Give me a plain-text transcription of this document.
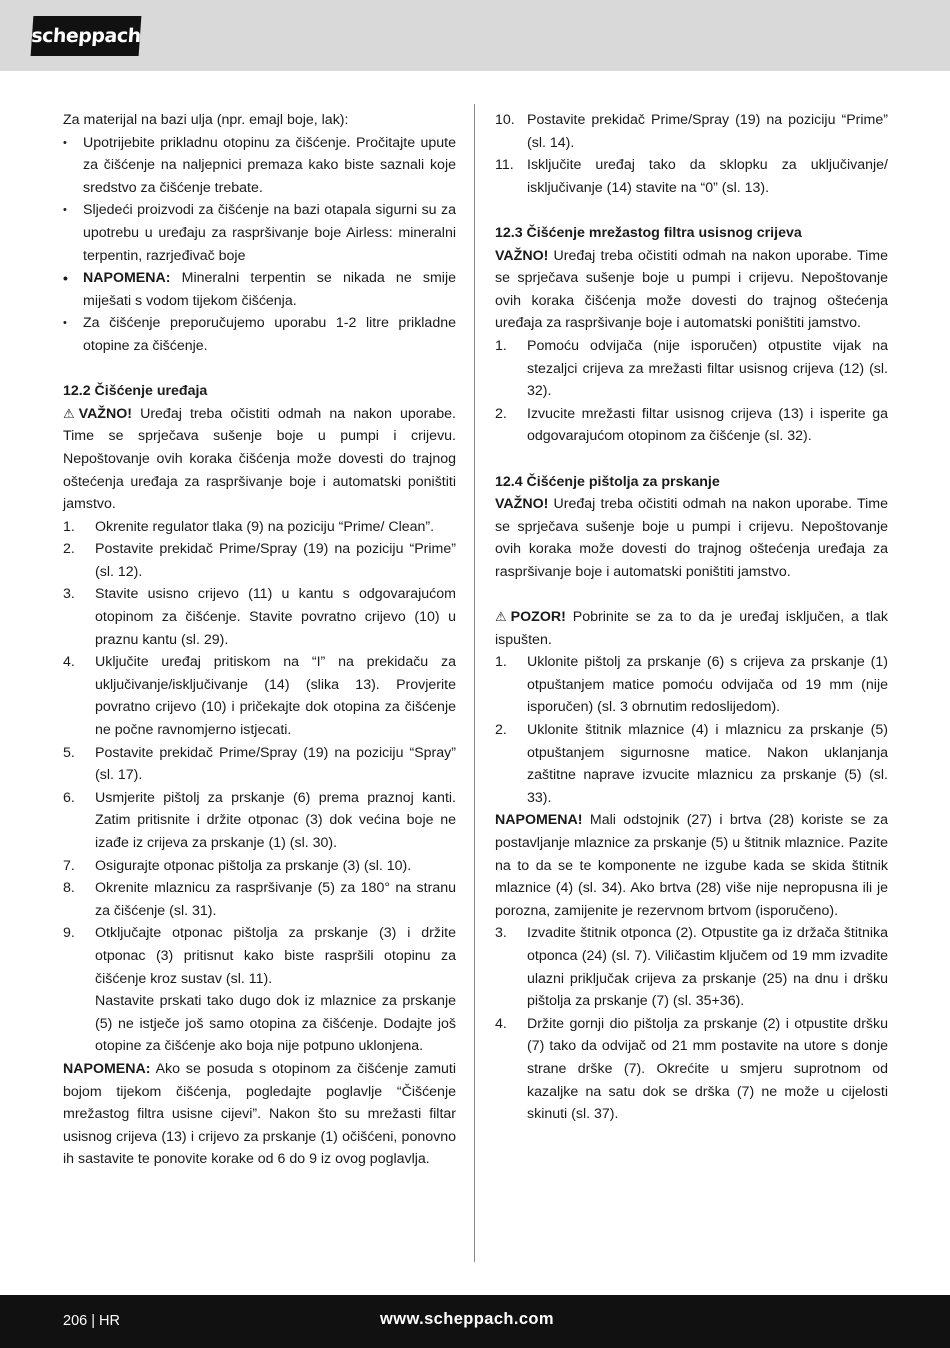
scheppach

Za materijal na bazi ulja (npr. emajl boje, lak):

• Upotrijebite prikladnu otopinu za čišćenje. Pročitajte upute za čišćenje na naljepnici premaza kako biste saznali koje sredstvo za čišćenje trebate.
• Sljedeći proizvodi za čišćenje na bazi otapala sigurni su za upotrebu u uređaju za raspršivanje boje Airless: mineralni terpentin, razrjeđivač boje
• NAPOMENA: Mineralni terpentin se nikada ne smije miješati s vodom tijekom čišćenja.
• Za čišćenje preporučujemo uporabu 1-2 litre prikladne otopine za čišćenje.

12.2 Čišćenje uređaja

⚠ VAŽNO! Uređaj treba očistiti odmah na nakon uporabe. Time se sprječava sušenje boje u pumpi i crijevu. Nepoštovanje ovih koraka čišćenja može dovesti do trajnog oštećenja uređaja za raspršivanje boje i automatski poništiti jamstvo.

1. Okrenite regulator tlaka (9) na poziciju “Prime/ Clean”.
2. Postavite prekidač Prime/Spray (19) na poziciju “Prime” (sl. 12).
3. Stavite usisno crijevo (11) u kantu s odgovarajućom otopinom za čišćenje. Stavite povratno crijevo (10) u praznu kantu (sl. 29).
4. Uključite uređaj pritiskom na “I” na prekidaču za uključivanje/isključivanje (14) (slika 13). Provjerite povratno crijevo (10) i pričekajte dok otopina za čišćenje ne počne ravnomjerno istjecati.
5. Postavite prekidač Prime/Spray (19) na poziciju “Spray” (sl. 17).
6. Usmjerite pištolj za prskanje (6) prema praznoj kanti. Zatim pritisnite i držite otponac (3) dok većina boje ne izađe iz crijeva za prskanje (1) (sl. 30).
7. Osigurajte otponac pištolja za prskanje (3) (sl. 10).
8. Okrenite mlaznicu za raspršivanje (5) za 180° na stranu za čišćenje (sl. 31).
9. Otključajte otponac pištolja za prskanje (3) i držite otponac (3) pritisnut kako biste raspršili otopinu za čišćenje kroz sustav (sl. 11).
Nastavite prskati tako dugo dok iz mlaznice za prskanje (5) ne istječe još samo otopina za čišćenje. Dodajte još otopine za čišćenje ako boja nije potpuno uklonjena.

NAPOMENA: Ako se posuda s otopinom za čišćenje zamuti bojom tijekom čišćenja, pogledajte poglavlje “Čišćenje mrežastog filtra usisne cijevi”. Nakon što su mrežasti filtar usisnog crijeva (13) i crijevo za prskanje (1) očišćeni, ponovno ih sastavite te ponovite korake od 6 do 9 iz ovog poglavlja.

10. Postavite prekidač Prime/Spray (19) na poziciju “Prime” (sl. 14).
11. Isključite uređaj tako da sklopku za uključivanje/ isključivanje (14) stavite na “0” (sl. 13).

12.3 Čišćenje mrežastog filtra usisnog crijeva

VAŽNO! Uređaj treba očistiti odmah na nakon uporabe. Time se sprječava sušenje boje u pumpi i crijevu. Nepoštovanje ovih koraka čišćenja može dovesti do trajnog oštećenja uređaja za raspršivanje boje i automatski poništiti jamstvo.

1. Pomoću odvijača (nije isporučen) otpustite vijak na stezaljci crijeva za mrežasti filtar usisnog crijeva (12) (sl. 32).
2. Izvucite mrežasti filtar usisnog crijeva (13) i isperite ga odgovarajućom otopinom za čišćenje (sl. 32).

12.4 Čišćenje pištolja za prskanje

VAŽNO! Uređaj treba očistiti odmah na nakon uporabe. Time se sprječava sušenje boje u pumpi i crijevu. Nepoštovanje ovih koraka može dovesti do trajnog oštećenja uređaja za raspršivanje boje i automatski poništiti jamstvo.

⚠ POZOR! Pobrinite se za to da je uređaj isključen, a tlak ispušten.

1. Uklonite pištolj za prskanje (6) s crijeva za prskanje (1) otpuštanjem matice pomoću odvijača od 19 mm (nije isporučen) (sl. 3 obrnutim redoslijedom).
2. Uklonite štitnik mlaznice (4) i mlaznicu za prskanje (5) otpuštanjem sigurnosne matice. Nakon uklanjanja zaštitne naprave izvucite mlaznicu za prskanje (5) (sl. 33).

NAPOMENA! Mali odstojnik (27) i brtva (28) koriste se za postavljanje mlaznice za prskanje (5) u štitnik mlaznice. Pazite na to da se te komponente ne izgube kada se skida štitnik mlaznice (4) (sl. 34). Ako brtva (28) više nije nepropusna ili je porozna, zamijenite je rezervnom brtvom (isporučeno).

3. Izvadite štitnik otponca (2). Otpustite ga iz držača štitnika otponca (24) (sl. 7). Viličastim ključem od 19 mm izvadite ulazni priključak crijeva za prskanje (25) na dnu i dršku pištolja za prskanje (7) (sl. 35+36).
4. Držite gornji dio pištolja za prskanje (2) i otpustite dršku (7) tako da odvijač od 21 mm postavite na utore s donje strane drške (7). Okrećite u smjeru suprotnom od kazaljke na satu dok se drška (7) ne može u cijelosti skinuti (sl. 37).
206 | HR	www.scheppach.com
